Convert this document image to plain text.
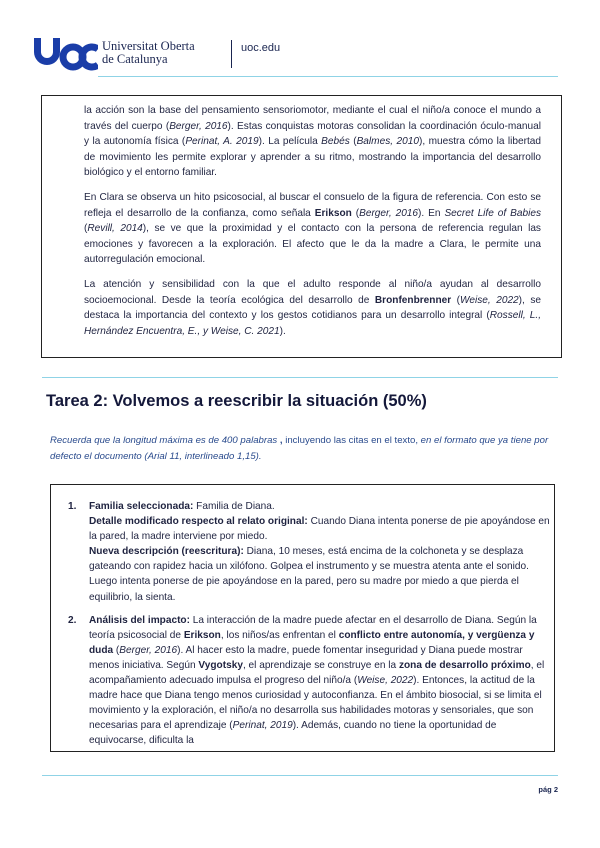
Universitat Oberta
de Catalunya
uoc.edu

la acción son la base del pensamiento sensoriomotor, mediante el cual el niño/a conoce el mundo a través del cuerpo (Berger, 2016). Estas conquistas motoras consolidan la coordinación óculo-manual y la autonomía física (Perinat, A. 2019). La película Bebés (Balmes, 2010), muestra cómo la libertad de movimiento les permite explorar y aprender a su ritmo, mostrando la importancia del desarrollo biológico y el entorno familiar.

En Clara se observa un hito psicosocial, al buscar el consuelo de la figura de referencia. Con esto se refleja el desarrollo de la confianza, como señala Erikson (Berger, 2016). En Secret Life of Babies (Revill, 2014), se ve que la proximidad y el contacto con la persona de referencia regulan las emociones y favorecen a la exploración. El afecto que le da la madre a Clara, le permite una autorregulación emocional.

La atención y sensibilidad con la que el adulto responde al niño/a ayudan al desarrollo socioemocional. Desde la teoría ecológica del desarrollo de Bronfenbrenner (Weise, 2022), se destaca la importancia del contexto y los gestos cotidianos para un desarrollo integral (Rossell, L., Hernández Encuentra, E., y Weise, C. 2021).

Tarea 2: Volvemos a reescribir la situación (50%)
Recuerda que la longitud máxima es de 400 palabras , incluyendo las citas en el texto, en el formato que ya tiene por defecto el documento (Arial 11, interlineado 1,15).
1. Familia seleccionada: Familia de Diana.
Detalle modificado respecto al relato original: Cuando Diana intenta ponerse de pie apoyándose en la pared, la madre interviene por miedo.
Nueva descripción (reescritura): Diana, 10 meses, está encima de la colchoneta y se desplaza gateando con rapidez hacia un xilófono. Golpea el instrumento y se muestra atenta ante el sonido. Luego intenta ponerse de pie apoyándose en la pared, pero su madre por miedo a que pierda el equilibrio, la sienta.
2. Análisis del impacto: La interacción de la madre puede afectar en el desarrollo de Diana. Según la teoría psicosocial de Erikson, los niños/as enfrentan el conflicto entre autonomía, y vergüenza y duda (Berger, 2016). Al hacer esto la madre, puede fomentar inseguridad y Diana puede mostrar menos iniciativa. Según Vygotsky, el aprendizaje se construye en la zona de desarrollo próximo, el acompañamiento adecuado impulsa el progreso del niño/a (Weise, 2022). Entonces, la actitud de la madre hace que Diana tengo menos curiosidad y autoconfianza. En el ámbito biosocial, si se limita el movimiento y la exploración, el niño/a no desarrolla sus habilidades motoras y sensoriales, que son necesarias para el aprendizaje (Perinat, 2019). Además, cuando no tiene la oportunidad de equivocarse, dificulta la
pág 2
